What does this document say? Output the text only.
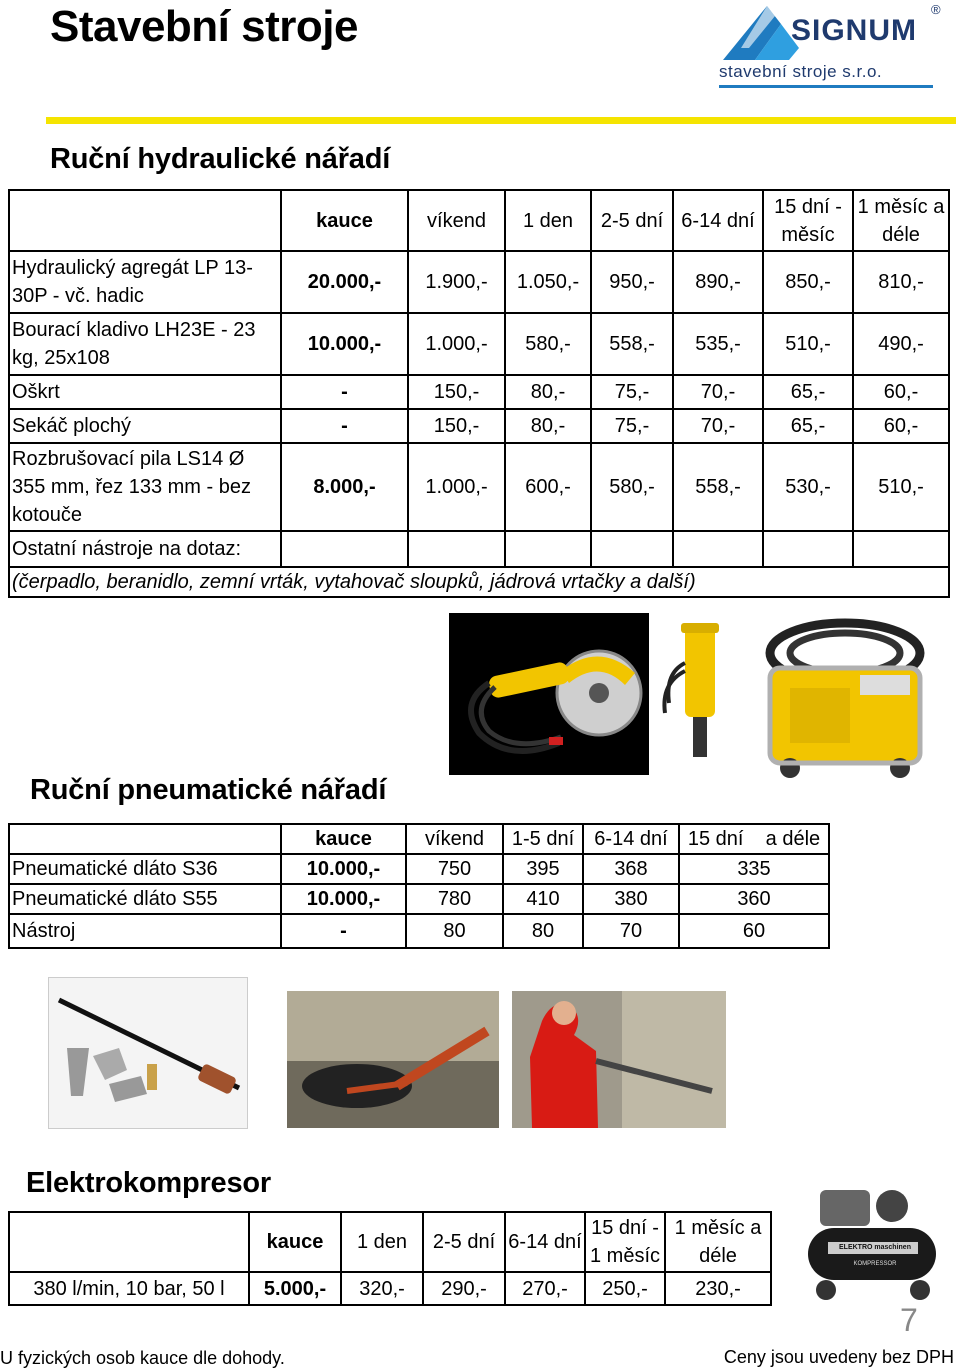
Stavební stroje	SIGNUM
®
stavební stroje s.r.o.
Ruční hydraulické nářadí
	kauce	víkend	1 den	2-5 dní	6-14 dní	15 dní - měsíc	1 měsíc a déle
Hydraulický agregát LP 13-30P - vč. hadic	20.000,-	1.900,-	1.050,-	950,-	890,-	850,-	810,-
Bourací kladivo LH23E - 23 kg, 25x108	10.000,-	1.000,-	580,-	558,-	535,-	510,-	490,-
Oškrt	-	150,-	80,-	75,-	70,-	65,-	60,-
Sekáč plochý	-	150,-	80,-	75,-	70,-	65,-	60,-
Rozbrušovací pila LS14 Ø 355 mm, řez 133 mm - bez kotouče	8.000,-	1.000,-	600,-	580,-	558,-	530,-	510,-
Ostatní nástroje na dotaz:							
(čerpadlo, beranidlo, zemní vrták, vytahovač sloupků, jádrová vrtačky a další)							
Ruční pneumatické nářadí
	kauce	víkend	1-5 dní	6-14 dní	15 dní    a déle
Pneumatické dláto S36	10.000,-	750	395	368	335
Pneumatické dláto S55	10.000,-	780	410	380	360
Nástroj	-	80	80	70	60
Elektrokompresor
	kauce	1 den	2-5 dní	6-14 dní	15 dní - 1 měsíc	1 měsíc a déle
380 l/min, 10 bar, 50 l	5.000,-	320,-	290,-	270,-	250,-	230,-
ELEKTRO maschinen
KOMPRESSOR
7
U fyzických osob kauce dle dohody.	Ceny jsou uvedeny bez DPH
